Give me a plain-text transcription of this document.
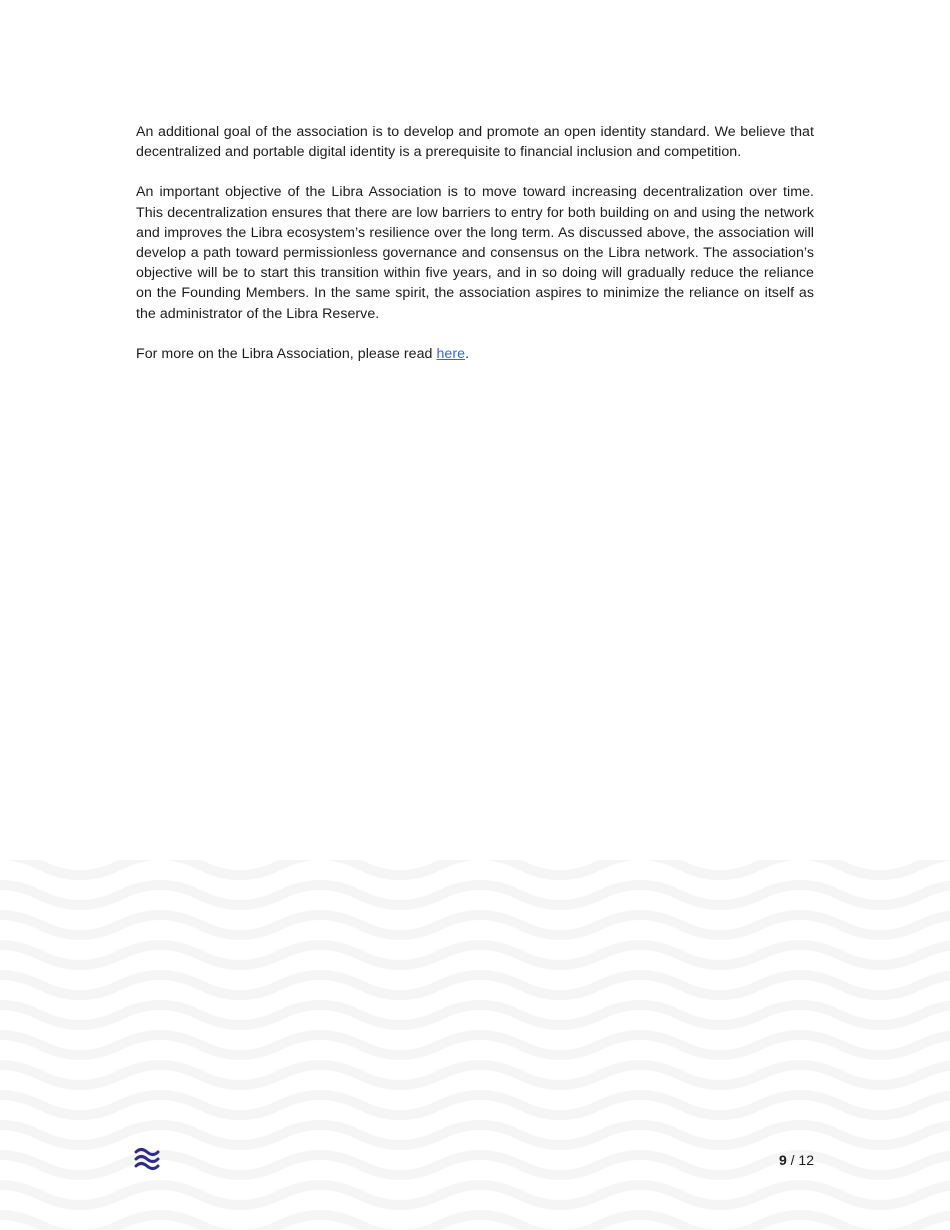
An additional goal of the association is to develop and promote an open identity standard. We believe that decentralized and portable digital identity is a prerequisite to financial inclusion and competition.

An important objective of the Libra Association is to move toward increasing decentralization over time. This decentralization ensures that there are low barriers to entry for both building on and using the network and improves the Libra ecosystem’s resilience over the long term. As discussed above, the association will develop a path toward permissionless governance and consensus on the Libra network. The association’s objective will be to start this transition within five years, and in so doing will gradually reduce the reliance on the Founding Members. In the same spirit, the association aspires to minimize the reliance on itself as the administrator of the Libra Reserve.

For more on the Libra Association, please read here.

9 / 12
